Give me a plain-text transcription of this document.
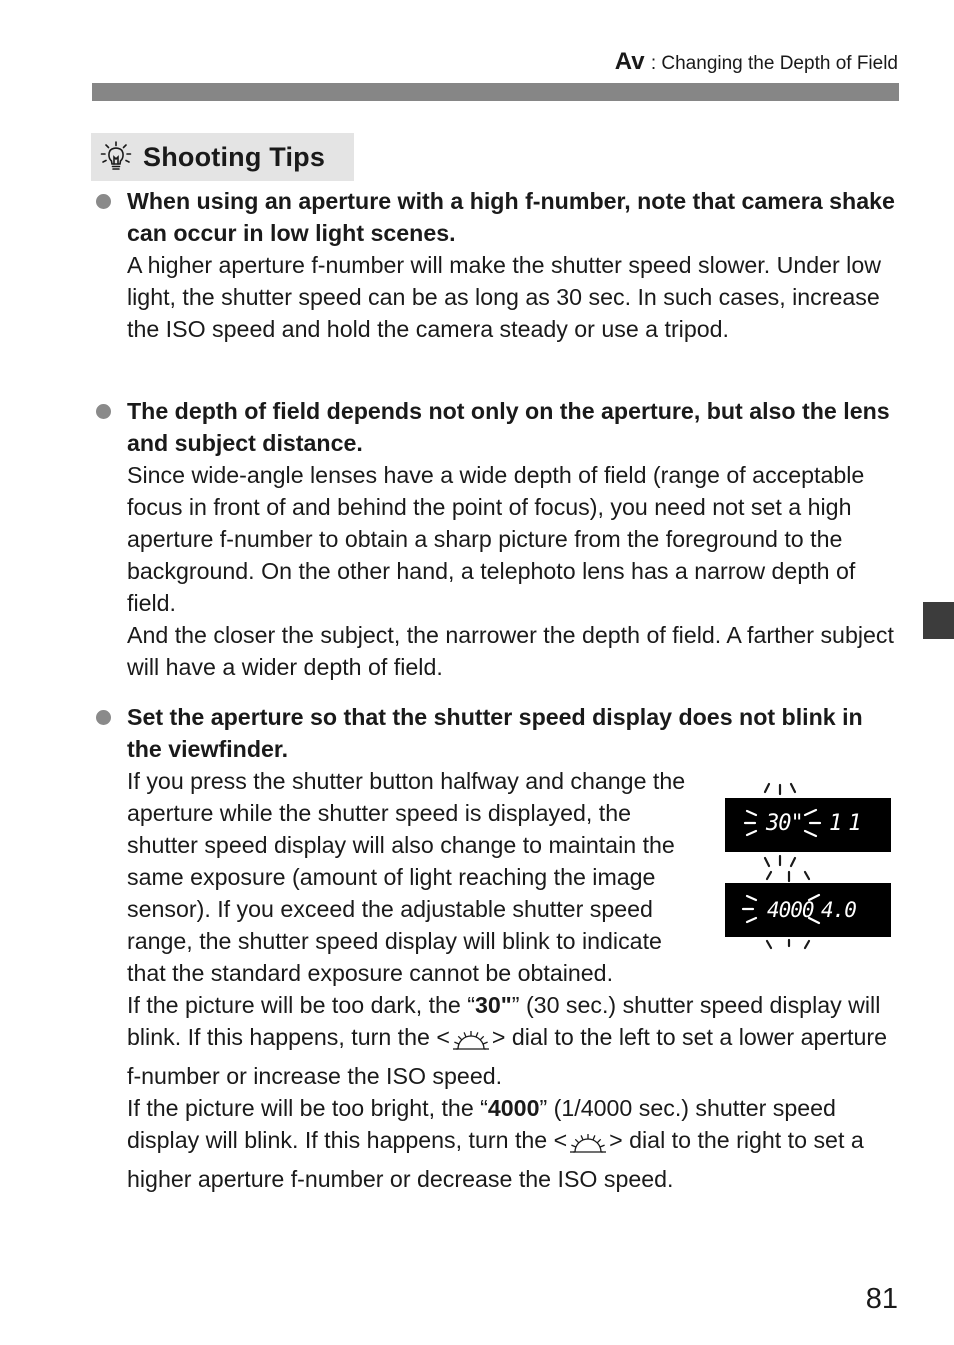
Av : Changing the Depth of Field
Shooting Tips

When using an aperture with a high f-number, note that camera shake can occur in low light scenes.

A higher aperture f-number will make the shutter speed slower. Under low light, the shutter speed can be as long as 30 sec. In such cases, increase the ISO speed and hold the camera steady or use a tripod.

The depth of field depends not only on the aperture, but also the lens and subject distance.

Since wide-angle lenses have a wide depth of field (range of acceptable focus in front of and behind the point of focus), you need not set a high aperture f-number to obtain a sharp picture from the foreground to the background. On the other hand, a telephoto lens has a narrow depth of field.

And the closer the subject, the narrower the depth of field. A farther subject will have a wider depth of field.

Set the aperture so that the shutter speed display does not blink in the viewfinder.

If you press the shutter button halfway and change the aperture while the shutter speed is displayed, the shutter speed display will also change to maintain the same exposure (amount of light reaching the image sensor). If you exceed the adjustable shutter speed range, the shutter speed display will blink to indicate that the standard exposure cannot be obtained.

If the picture will be too dark, the “30"” (30 sec.) shutter speed display will blink. If this happens, turn the < > dial to the left to set a lower aperture f-number or increase the ISO speed.

If the picture will be too bright, the “4000” (1/4000 sec.) shutter speed display will blink. If this happens, turn the < > dial to the right to set a higher aperture f-number or decrease the ISO speed.

30" 11
4000 4.0
81
